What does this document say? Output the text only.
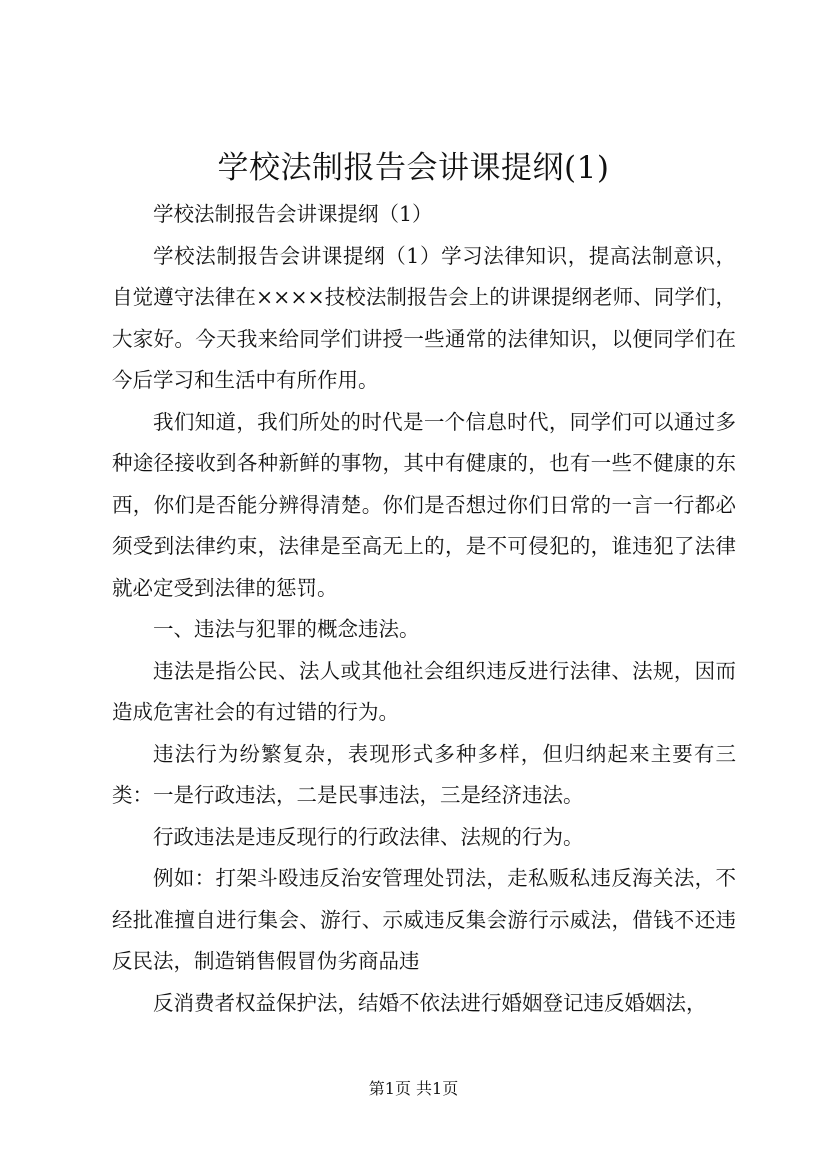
学校法制报告会讲课提纲(1)

学校法制报告会讲课提纲（1）

学校法制报告会讲课提纲（1）学习法律知识，提高法制意识，自觉遵守法律在××××技校法制报告会上的讲课提纲老师、同学们，大家好。今天我来给同学们讲授一些通常的法律知识，以便同学们在今后学习和生活中有所作用。

我们知道，我们所处的时代是一个信息时代，同学们可以通过多种途径接收到各种新鲜的事物，其中有健康的，也有一些不健康的东西，你们是否能分辨得清楚。你们是否想过你们日常的一言一行都必须受到法律约束，法律是至高无上的，是不可侵犯的，谁违犯了法律就必定受到法律的惩罚。

一、违法与犯罪的概念违法。

违法是指公民、法人或其他社会组织违反进行法律、法规，因而造成危害社会的有过错的行为。

违法行为纷繁复杂，表现形式多种多样，但归纳起来主要有三类：一是行政违法，二是民事违法，三是经济违法。

行政违法是违反现行的行政法律、法规的行为。

例如：打架斗殴违反治安管理处罚法，走私贩私违反海关法，不经批准擅自进行集会、游行、示威违反集会游行示威法，借钱不还违反民法，制造销售假冒伪劣商品违

反消费者权益保护法，结婚不依法进行婚姻登记违反婚姻法，

第1页 共1页
